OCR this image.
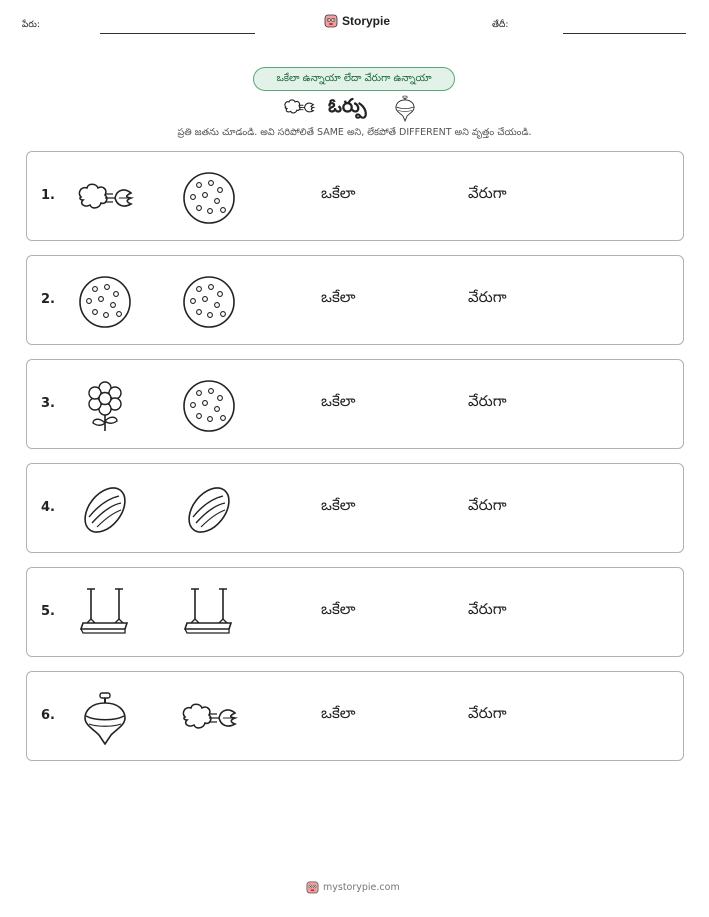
పేరు:	Storypie	తేదీ:
ఒకేలా ఉన్నాయా లేదా వేరుగా ఉన్నాయా
ఓర్పు
ప్రతి జతను చూడండి. అవి సరిపోలితే SAME అని, లేకపోతే DIFFERENT అని వృత్తం చేయండి.
1.	ఒకేలా	వేరుగా
2.	ఒకేలా	వేరుగా
3.	ఒకేలా	వేరుగా
4.	ఒకేలా	వేరుగా
5.	ఒకేలా	వేరుగా
6.	ఒకేలా	వేరుగా
mystorypie.com
